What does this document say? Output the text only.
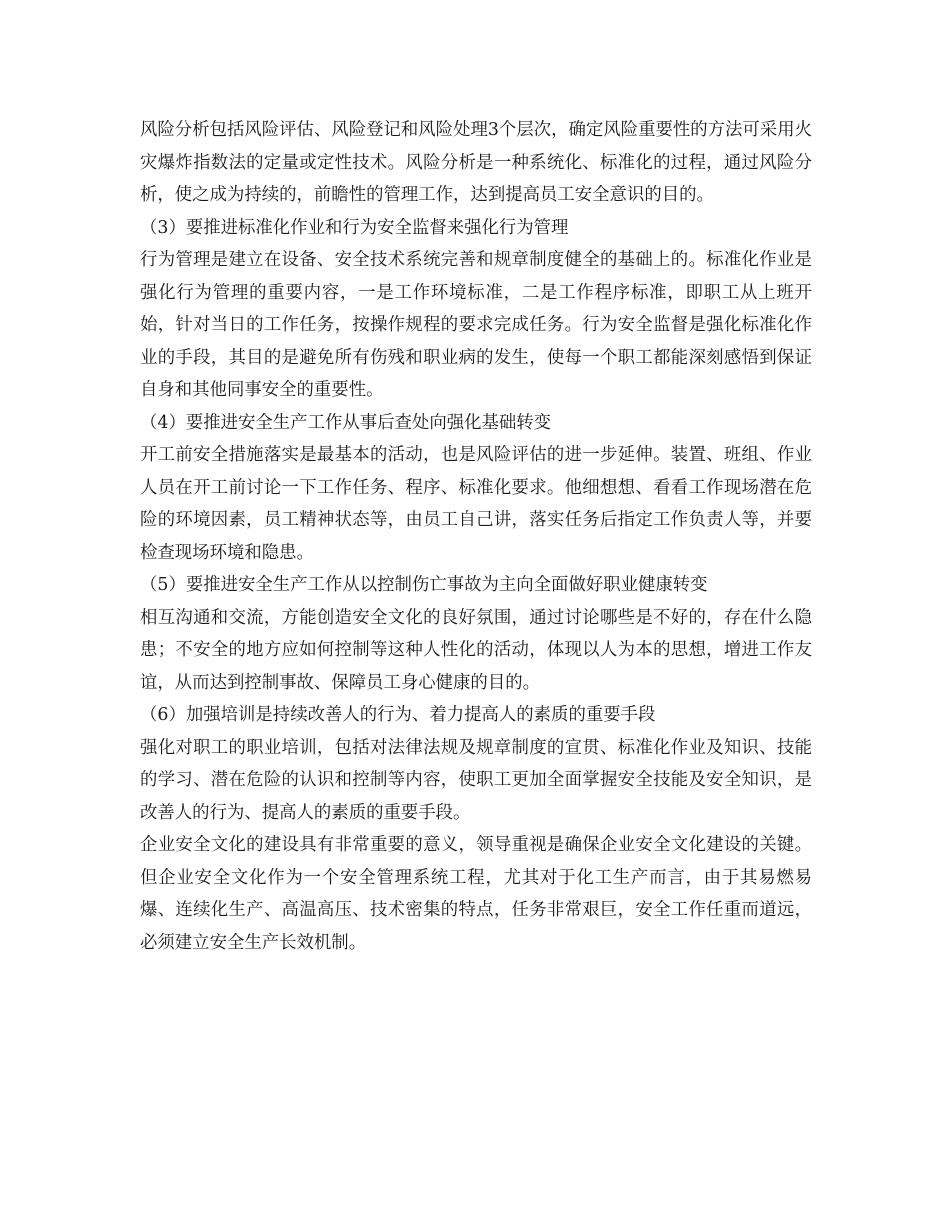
风险分析包括风险评估、风险登记和风险处理3个层次，确定风险重要性的方法可采用火灾爆炸指数法的定量或定性技术。风险分析是一种系统化、标准化的过程，通过风险分析，使之成为持续的，前瞻性的管理工作，达到提高员工安全意识的目的。

（3）要推进标准化作业和行为安全监督来强化行为管理

行为管理是建立在设备、安全技术系统完善和规章制度健全的基础上的。标准化作业是强化行为管理的重要内容，一是工作环境标准，二是工作程序标准，即职工从上班开始，针对当日的工作任务，按操作规程的要求完成任务。行为安全监督是强化标准化作业的手段，其目的是避免所有伤残和职业病的发生，使每一个职工都能深刻感悟到保证自身和其他同事安全的重要性。

（4）要推进安全生产工作从事后查处向强化基础转变

开工前安全措施落实是最基本的活动，也是风险评估的进一步延伸。装置、班组、作业人员在开工前讨论一下工作任务、程序、标准化要求。他细想想、看看工作现场潜在危险的环境因素，员工精神状态等，由员工自己讲，落实任务后指定工作负责人等，并要检查现场环境和隐患。

（5）要推进安全生产工作从以控制伤亡事故为主向全面做好职业健康转变

相互沟通和交流，方能创造安全文化的良好氛围，通过讨论哪些是不好的，存在什么隐患；不安全的地方应如何控制等这种人性化的活动，体现以人为本的思想，增进工作友谊，从而达到控制事故、保障员工身心健康的目的。

（6）加强培训是持续改善人的行为、着力提高人的素质的重要手段

强化对职工的职业培训，包括对法律法规及规章制度的宣贯、标准化作业及知识、技能的学习、潜在危险的认识和控制等内容，使职工更加全面掌握安全技能及安全知识，是改善人的行为、提高人的素质的重要手段。

企业安全文化的建设具有非常重要的意义，领导重视是确保企业安全文化建设的关键。但企业安全文化作为一个安全管理系统工程，尤其对于化工生产而言，由于其易燃易爆、连续化生产、高温高压、技术密集的特点，任务非常艰巨，安全工作任重而道远，必须建立安全生产长效机制。
